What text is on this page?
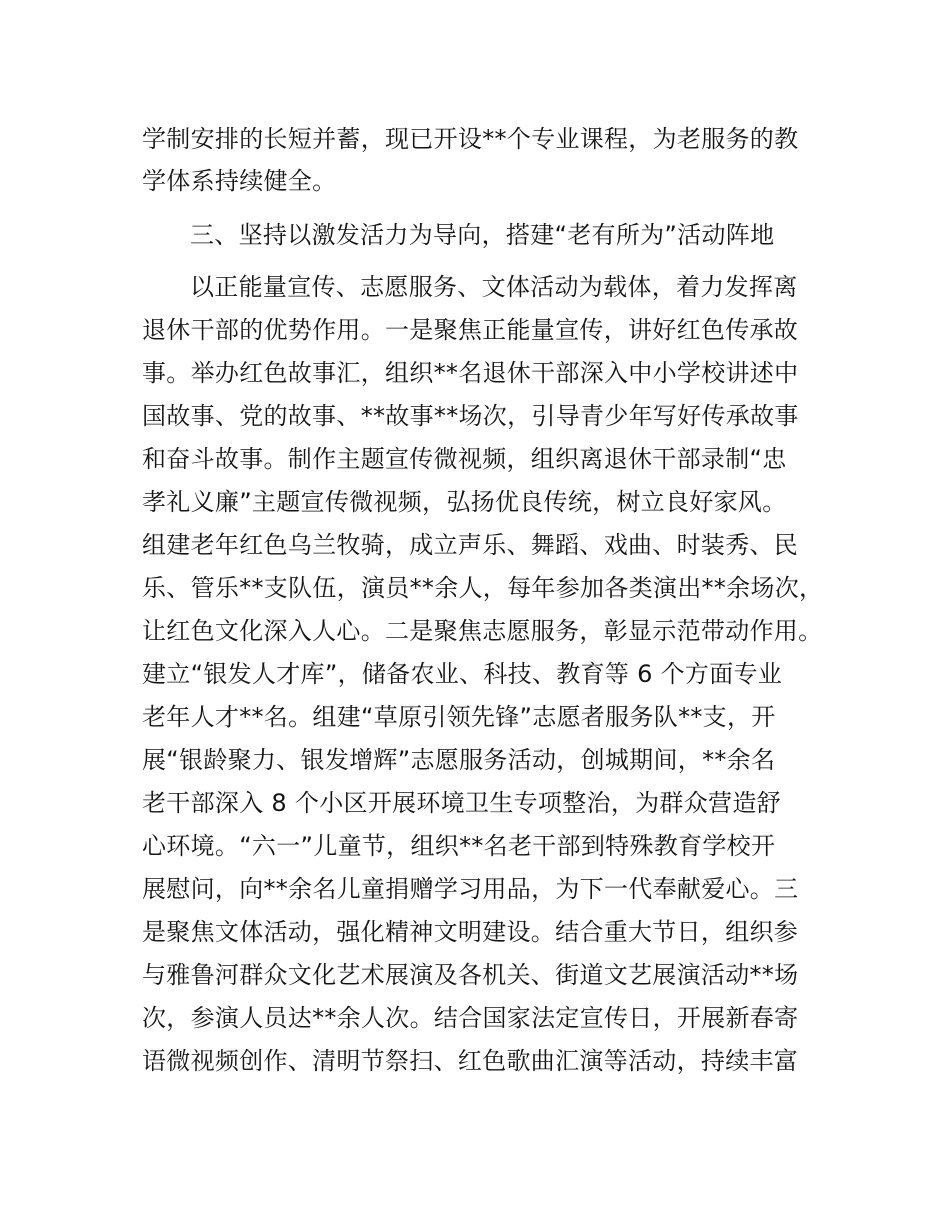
学制安排的长短并蓄，现已开设**个专业课程，为老服务的教
学体系持续健全。
三、坚持以激发活力为导向，搭建“老有所为”活动阵地
以正能量宣传、志愿服务、文体活动为载体，着力发挥离
退休干部的优势作用。一是聚焦正能量宣传，讲好红色传承故
事。举办红色故事汇，组织**名退休干部深入中小学校讲述中
国故事、党的故事、**故事**场次，引导青少年写好传承故事
和奋斗故事。制作主题宣传微视频，组织离退休干部录制“忠
孝礼义廉”主题宣传微视频，弘扬优良传统，树立良好家风。
组建老年红色乌兰牧骑，成立声乐、舞蹈、戏曲、时装秀、民
乐、管乐**支队伍，演员**余人，每年参加各类演出**余场次，
让红色文化深入人心。二是聚焦志愿服务，彰显示范带动作用。
建立“银发人才库”，储备农业、科技、教育等 6 个方面专业
老年人才**名。组建“草原引领先锋”志愿者服务队**支，开
展“银龄聚力、银发增辉”志愿服务活动，创城期间，**余名
老干部深入 8 个小区开展环境卫生专项整治，为群众营造舒
心环境。“六一”儿童节，组织**名老干部到特殊教育学校开
展慰问，向**余名儿童捐赠学习用品，为下一代奉献爱心。三
是聚焦文体活动，强化精神文明建设。结合重大节日，组织参
与雅鲁河群众文化艺术展演及各机关、街道文艺展演活动**场
次，参演人员达**余人次。结合国家法定宣传日，开展新春寄
语微视频创作、清明节祭扫、红色歌曲汇演等活动，持续丰富
